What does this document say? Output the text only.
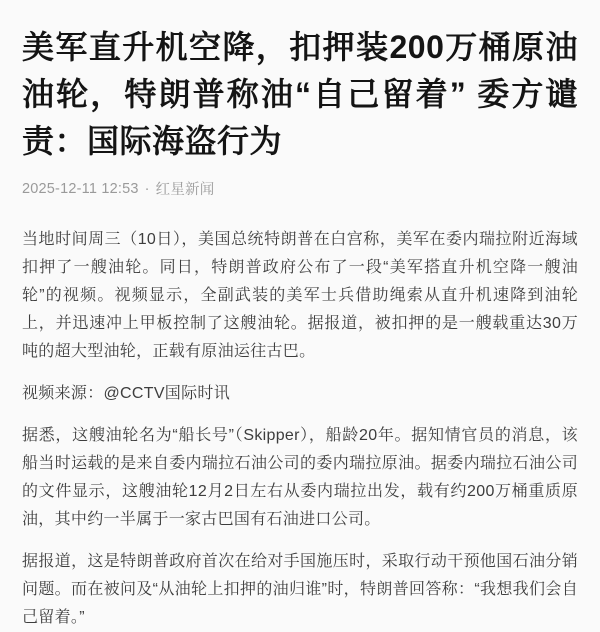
美军直升机空降，扣押装200万桶原油油轮，特朗普称油“自己留着” 委方谴责：国际海盗行为
2025-12-11 12:53 · 红星新闻

当地时间周三（10日），美国总统特朗普在白宫称，美军在委内瑞拉附近海域扣押了一艘油轮。同日，特朗普政府公布了一段“美军搭直升机空降一艘油轮”的视频。视频显示，全副武装的美军士兵借助绳索从直升机速降到油轮上，并迅速冲上甲板控制了这艘油轮。据报道，被扣押的是一艘载重达30万吨的超大型油轮，正载有原油运往古巴。

视频来源：@CCTV国际时讯

据悉，这艘油轮名为“船长号”（Skipper），船龄20年。据知情官员的消息，该船当时运载的是来自委内瑞拉石油公司的委内瑞拉原油。据委内瑞拉石油公司的文件显示，这艘油轮12月2日左右从委内瑞拉出发，载有约200万桶重质原油，其中约一半属于一家古巴国有石油进口公司。

据报道，这是特朗普政府首次在给对手国施压时，采取行动干预他国石油分销问题。而在被问及“从油轮上扣押的油归谁”时，特朗普回答称：“我想我们会自己留着。”
